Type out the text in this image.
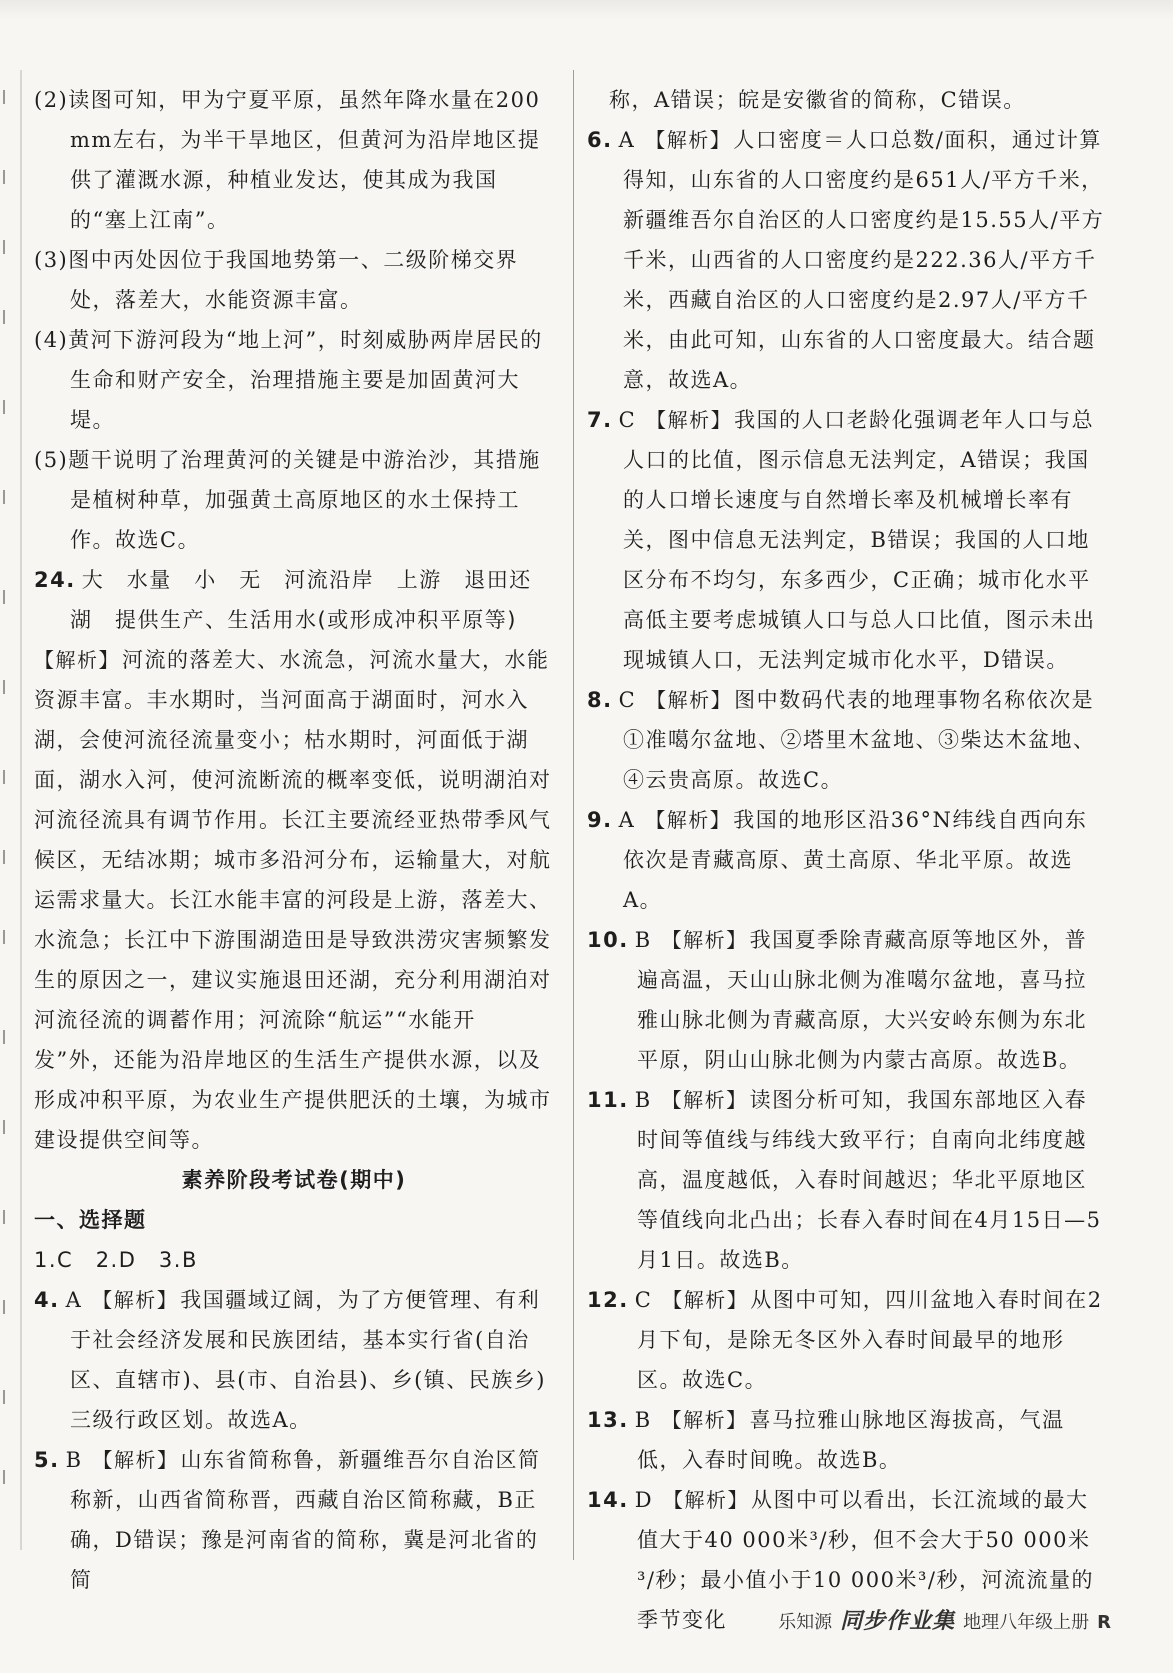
(2)读图可知，甲为宁夏平原，虽然年降水量在200 mm左右，为半干旱地区，但黄河为沿岸地区提供了灌溉水源，种植业发达，使其成为我国的“塞上江南”。

(3)图中丙处因位于我国地势第一、二级阶梯交界处，落差大，水能资源丰富。

(4)黄河下游河段为“地上河”，时刻威胁两岸居民的生命和财产安全，治理措施主要是加固黄河大堤。

(5)题干说明了治理黄河的关键是中游治沙，其措施是植树种草，加强黄土高原地区的水土保持工作。故选C。

24. 大　水量　小　无　河流沿岸　上游　退田还湖　提供生产、生活用水(或形成冲积平原等)

【解析】河流的落差大、水流急，河流水量大，水能资源丰富。丰水期时，当河面高于湖面时，河水入湖，会使河流径流量变小；枯水期时，河面低于湖面，湖水入河，使河流断流的概率变低，说明湖泊对河流径流具有调节作用。长江主要流经亚热带季风气候区，无结冰期；城市多沿河分布，运输量大，对航运需求量大。长江水能丰富的河段是上游，落差大、水流急；长江中下游围湖造田是导致洪涝灾害频繁发生的原因之一，建议实施退田还湖，充分利用湖泊对河流径流的调蓄作用；河流除“航运”“水能开发”外，还能为沿岸地区的生活生产提供水源，以及形成冲积平原，为农业生产提供肥沃的土壤，为城市建设提供空间等。

素养阶段考试卷(期中)

一、选择题

1.C　2.D　3.B

4. A 【解析】我国疆域辽阔，为了方便管理、有利于社会经济发展和民族团结，基本实行省(自治区、直辖市)、县(市、自治县)、乡(镇、民族乡)三级行政区划。故选A。

5. B 【解析】山东省简称鲁，新疆维吾尔自治区简称新，山西省简称晋，西藏自治区简称藏，B正确，D错误；豫是河南省的简称，冀是河北省的简

称，A错误；皖是安徽省的简称，C错误。

6. A 【解析】人口密度＝人口总数/面积，通过计算得知，山东省的人口密度约是651人/平方千米，新疆维吾尔自治区的人口密度约是15.55人/平方千米，山西省的人口密度约是222.36人/平方千米，西藏自治区的人口密度约是2.97人/平方千米，由此可知，山东省的人口密度最大。结合题意，故选A。

7. C 【解析】我国的人口老龄化强调老年人口与总人口的比值，图示信息无法判定，A错误；我国的人口增长速度与自然增长率及机械增长率有关，图中信息无法判定，B错误；我国的人口地区分布不均匀，东多西少，C正确；城市化水平高低主要考虑城镇人口与总人口比值，图示未出现城镇人口，无法判定城市化水平，D错误。

8. C 【解析】图中数码代表的地理事物名称依次是①准噶尔盆地、②塔里木盆地、③柴达木盆地、④云贵高原。故选C。

9. A 【解析】我国的地形区沿36°N纬线自西向东依次是青藏高原、黄土高原、华北平原。故选A。

10. B 【解析】我国夏季除青藏高原等地区外，普遍高温，天山山脉北侧为准噶尔盆地，喜马拉雅山脉北侧为青藏高原，大兴安岭东侧为东北平原，阴山山脉北侧为内蒙古高原。故选B。

11. B 【解析】读图分析可知，我国东部地区入春时间等值线与纬线大致平行；自南向北纬度越高，温度越低，入春时间越迟；华北平原地区等值线向北凸出；长春入春时间在4月15日—5月1日。故选B。

12. C 【解析】从图中可知，四川盆地入春时间在2月下旬，是除无冬区外入春时间最早的地形区。故选C。

13. B 【解析】喜马拉雅山脉地区海拔高，气温低，入春时间晚。故选B。

14. D 【解析】从图中可以看出，长江流域的最大值大于40 000米³/秒，但不会大于50 000米³/秒；最小值小于10 000米³/秒，河流流量的季节变化	乐知源 同步作业集 地理八年级上册 R
